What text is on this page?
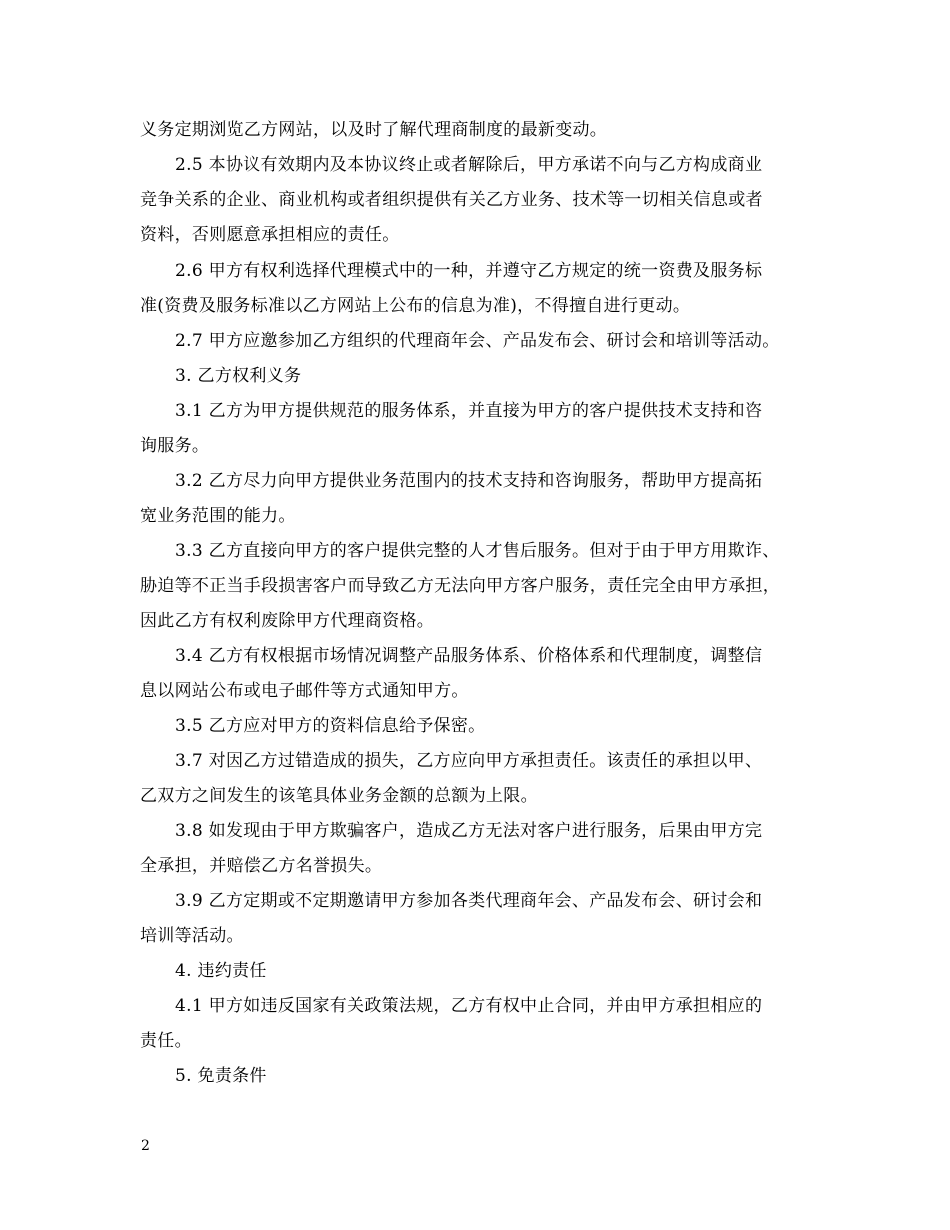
义务定期浏览乙方网站，以及时了解代理商制度的最新变动。
2.5 本协议有效期内及本协议终止或者解除后，甲方承诺不向与乙方构成商业
竞争关系的企业、商业机构或者组织提供有关乙方业务、技术等一切相关信息或者
资料，否则愿意承担相应的责任。
2.6 甲方有权利选择代理模式中的一种，并遵守乙方规定的统一资费及服务标
准(资费及服务标准以乙方网站上公布的信息为准)，不得擅自进行更动。
2.7 甲方应邀参加乙方组织的代理商年会、产品发布会、研讨会和培训等活动。
3. 乙方权利义务
3.1 乙方为甲方提供规范的服务体系，并直接为甲方的客户提供技术支持和咨
询服务。
3.2 乙方尽力向甲方提供业务范围内的技术支持和咨询服务，帮助甲方提高拓
宽业务范围的能力。
3.3 乙方直接向甲方的客户提供完整的人才售后服务。但对于由于甲方用欺诈、
胁迫等不正当手段损害客户而导致乙方无法向甲方客户服务，责任完全由甲方承担，
因此乙方有权利废除甲方代理商资格。
3.4 乙方有权根据市场情况调整产品服务体系、价格体系和代理制度，调整信
息以网站公布或电子邮件等方式通知甲方。
3.5 乙方应对甲方的资料信息给予保密。
3.7 对因乙方过错造成的损失，乙方应向甲方承担责任。该责任的承担以甲、
乙双方之间发生的该笔具体业务金额的总额为上限。
3.8 如发现由于甲方欺骗客户，造成乙方无法对客户进行服务，后果由甲方完
全承担，并赔偿乙方名誉损失。
3.9 乙方定期或不定期邀请甲方参加各类代理商年会、产品发布会、研讨会和
培训等活动。
4. 违约责任
4.1 甲方如违反国家有关政策法规，乙方有权中止合同，并由甲方承担相应的
责任。
5. 免责条件
2
